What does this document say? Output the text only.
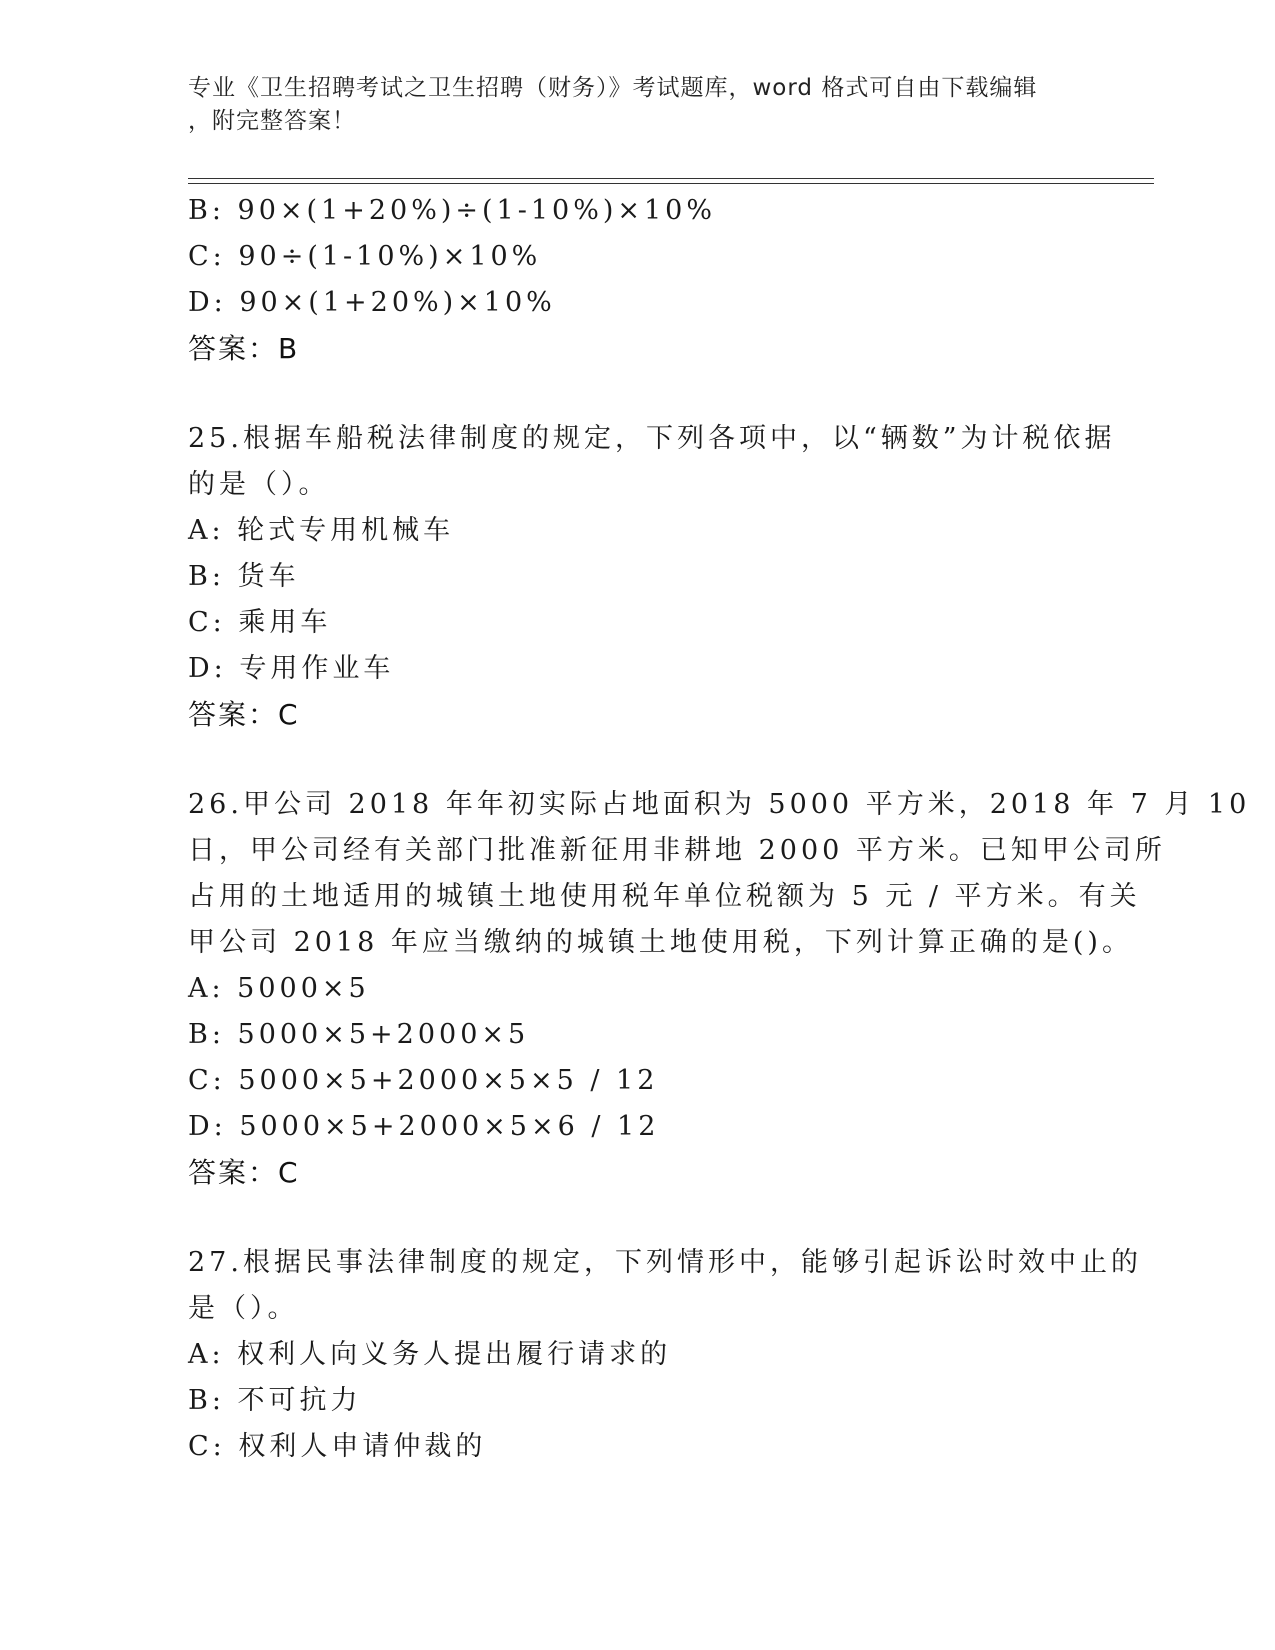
专业《卫生招聘考试之卫生招聘（财务）》考试题库，word 格式可自由下载编辑
，附完整答案！
B: 90×(1+20%)÷(1-10%)×10%
C: 90÷(1-10%)×10%
D: 90×(1+20%)×10%
答案：B
25.根据车船税法律制度的规定，下列各项中，以“辆数”为计税依据
的是（）。
A: 轮式专用机械车
B: 货车
C: 乘用车
D: 专用作业车
答案：C
26.甲公司 2018 年年初实际占地面积为 5000 平方米，2018 年 7 月 10
日，甲公司经有关部门批准新征用非耕地 2000 平方米。已知甲公司所
占用的土地适用的城镇土地使用税年单位税额为 5 元 / 平方米。有关
甲公司 2018 年应当缴纳的城镇土地使用税，下列计算正确的是()。
A: 5000×5
B: 5000×5+2000×5
C: 5000×5+2000×5×5 / 12
D: 5000×5+2000×5×6 / 12
答案：C
27.根据民事法律制度的规定，下列情形中，能够引起诉讼时效中止的
是（）。
A: 权利人向义务人提出履行请求的
B: 不可抗力
C: 权利人申请仲裁的
